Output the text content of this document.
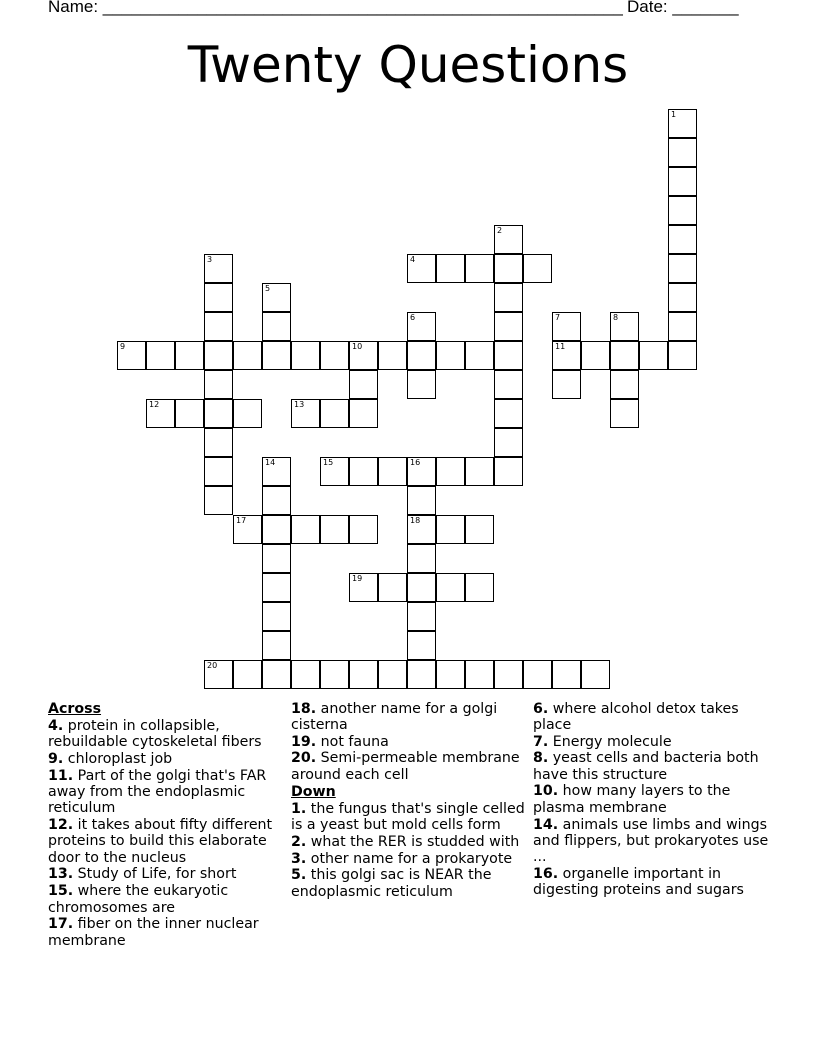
Name: _______________________________________________________ Date: _______
Twenty Questions
1
2
3	4
5
6	7
11
8
9	10
12	13
14	15	16
18
17
19
20
Across
4. protein in collapsible, rebuildable cytoskeletal fibers
9. chloroplast job
11. Part of the golgi that's FAR away from the endoplasmic reticulum
12. it takes about fifty different proteins to build this elaborate door to the nucleus
13. Study of Life, for short
15. where the eukaryotic chromosomes are
17. fiber on the inner nuclear membrane
18. another name for a golgi cisterna
19. not fauna
20. Semi-permeable membrane around each cell
Down
1. the fungus that's single celled is a yeast but mold cells form
2. what the RER is studded with
3. other name for a prokaryote
5. this golgi sac is NEAR the endoplasmic reticulum
6. where alcohol detox takes place
7. Energy molecule
8. yeast cells and bacteria both have this structure
10. how many layers to the plasma membrane
14. animals use limbs and wings and flippers, but prokaryotes use ...
16. organelle important in digesting proteins and sugars
